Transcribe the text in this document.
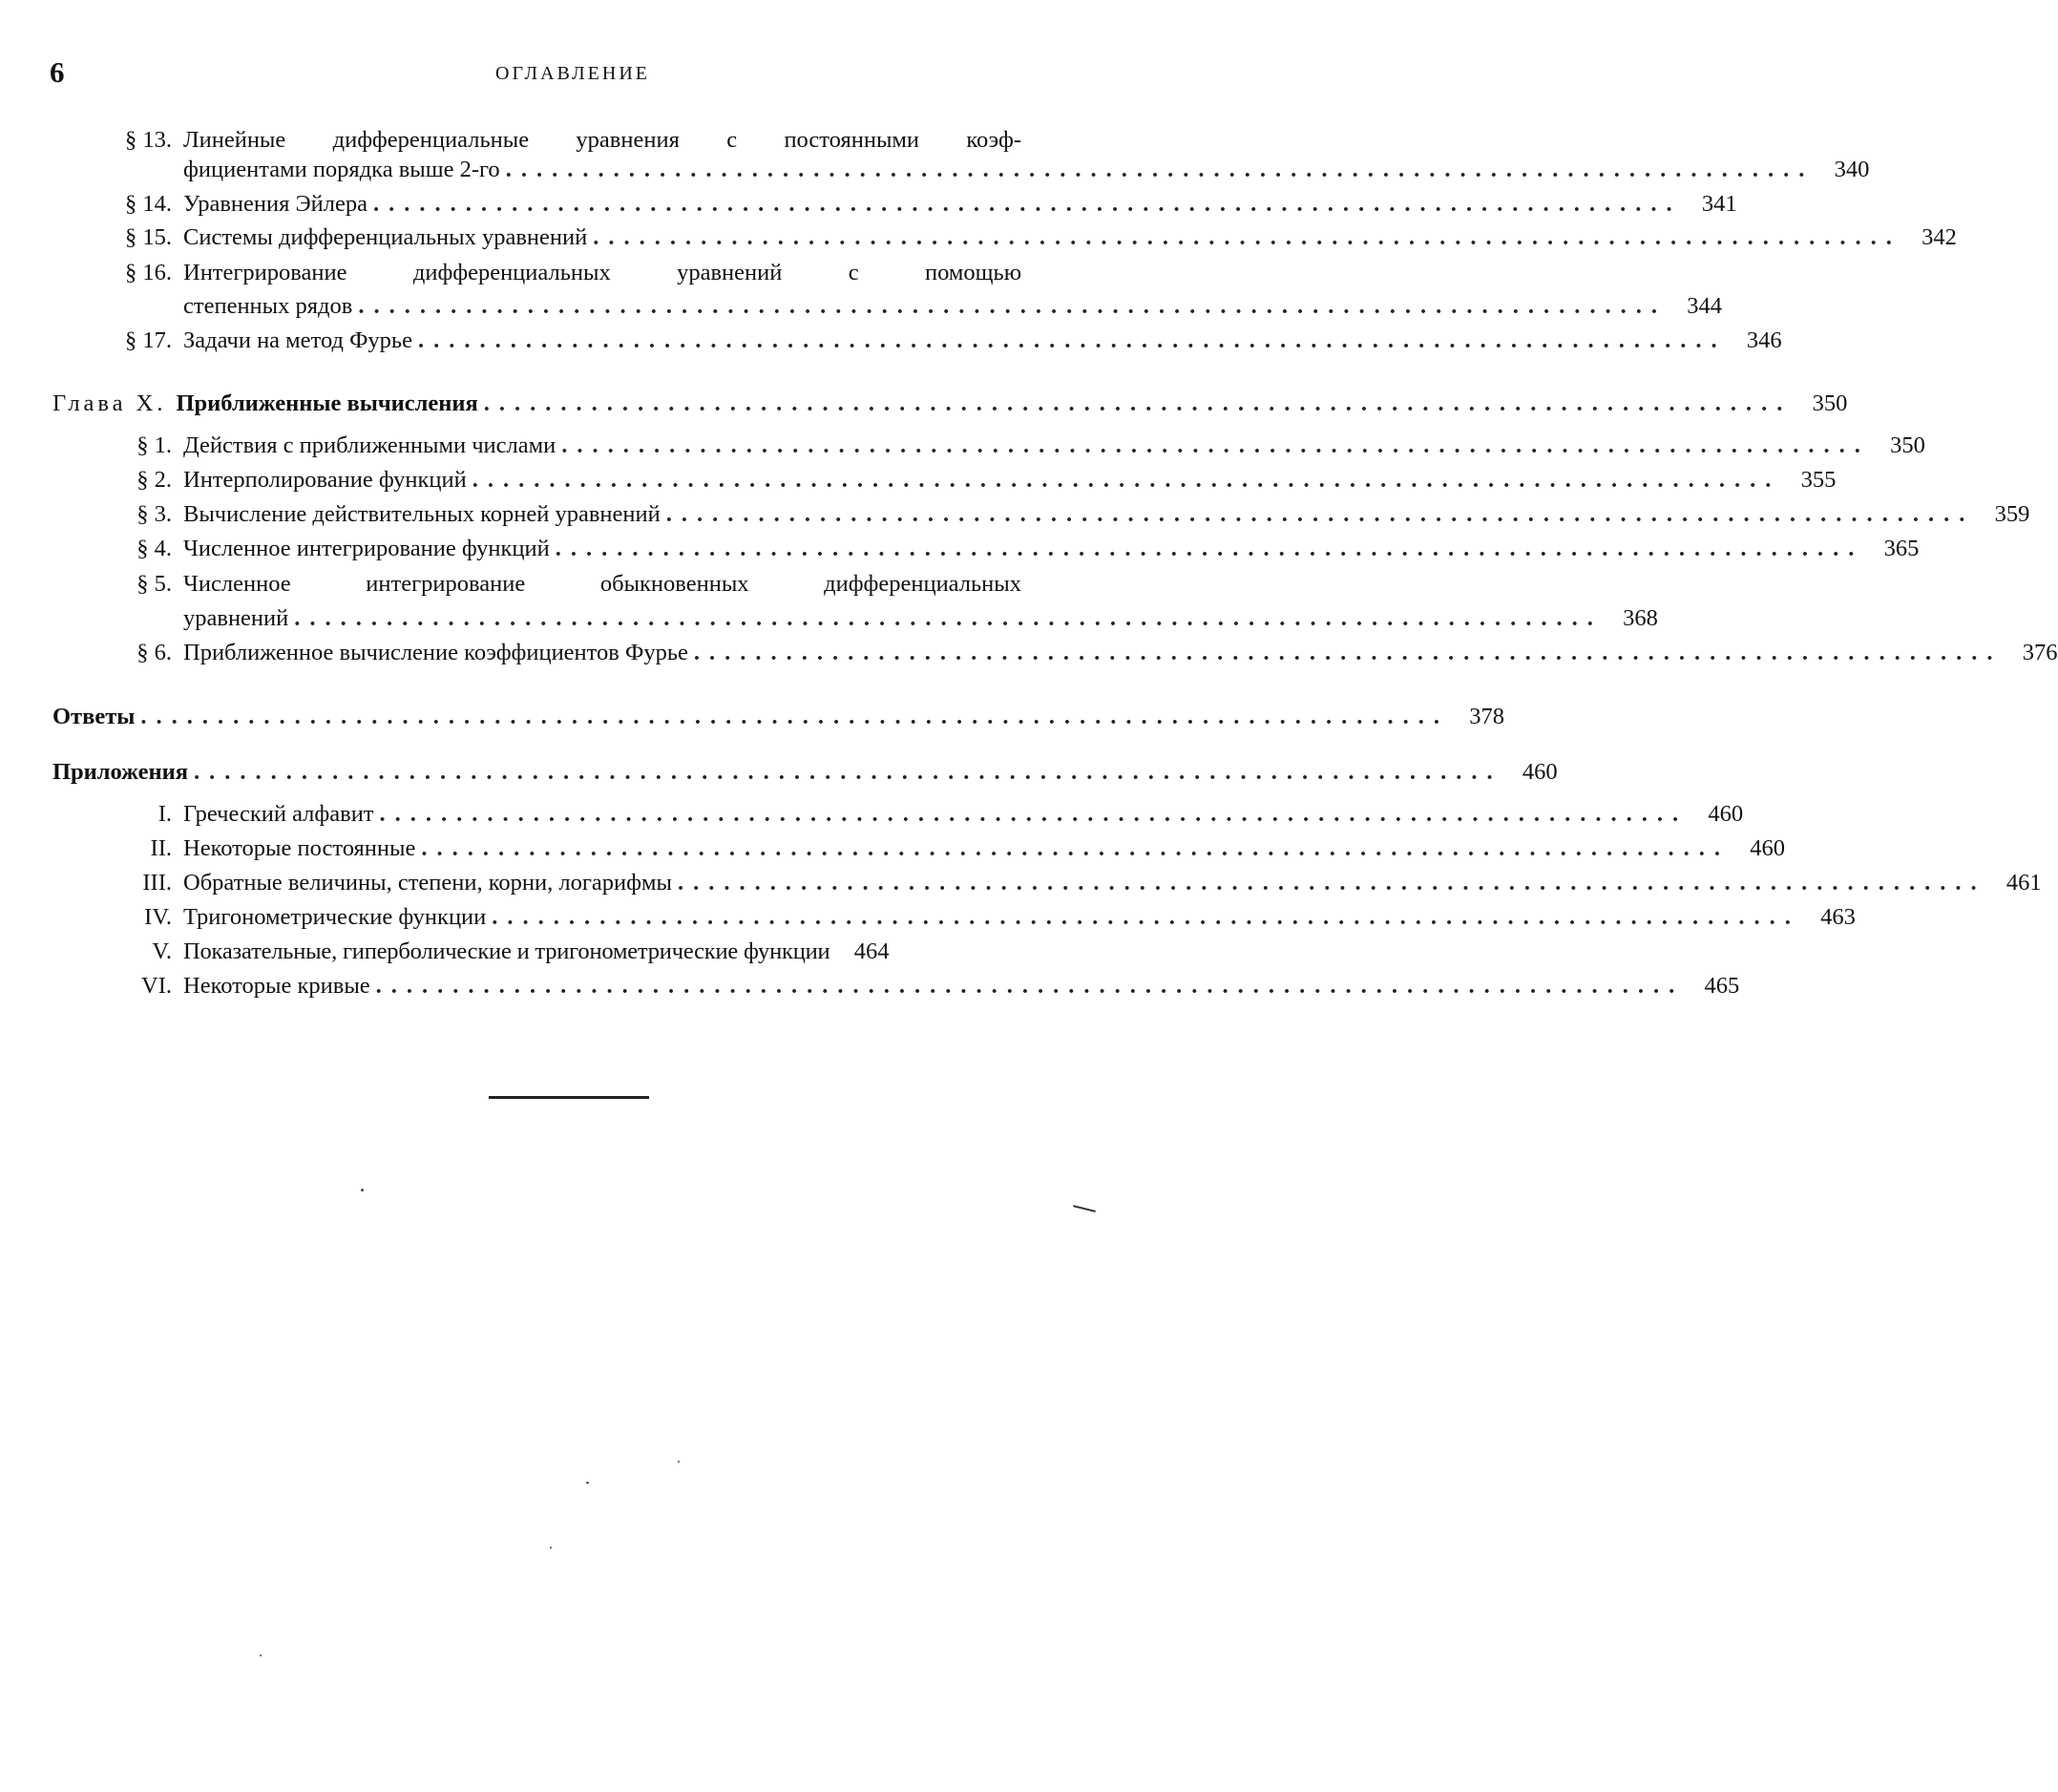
6	ОГЛАВЛЕНИЕ
§ 13. Линейные дифференциальные уравнения с постоянными коэф-
фициентами порядка выше 2-го ..................................................................................... 340
§ 14. Уравнения Эйлера ..................................................................................... 341
§ 15. Системы дифференциальных уравнений ..................................................................................... 342
§ 16. Интегрирование дифференциальных уравнений с помощью
степенных рядов ..................................................................................... 344
§ 17. Задачи на метод Фурье ..................................................................................... 346
Глава X. Приближенные вычисления ..................................................................................... 350
§ 1. Действия с приближенными числами ..................................................................................... 350
§ 2. Интерполирование функций ..................................................................................... 355
§ 3. Вычисление действительных корней уравнений ..................................................................................... 359
§ 4. Численное интегрирование функций ..................................................................................... 365
§ 5. Численное интегрирование обыкновенных дифференциальных
уравнений ..................................................................................... 368
§ 6. Приближенное вычисление коэффициентов Фурье ..................................................................................... 376
Ответы ..................................................................................... 378
Приложения ..................................................................................... 460
I. Греческий алфавит ..................................................................................... 460
II. Некоторые постоянные ..................................................................................... 460
III. Обратные величины, степени, корни, логарифмы ..................................................................................... 461
IV. Тригонометрические функции ..................................................................................... 463
V. Показательные, гиперболические и тригонометрические функции	464
VI. Некоторые кривые ..................................................................................... 465
